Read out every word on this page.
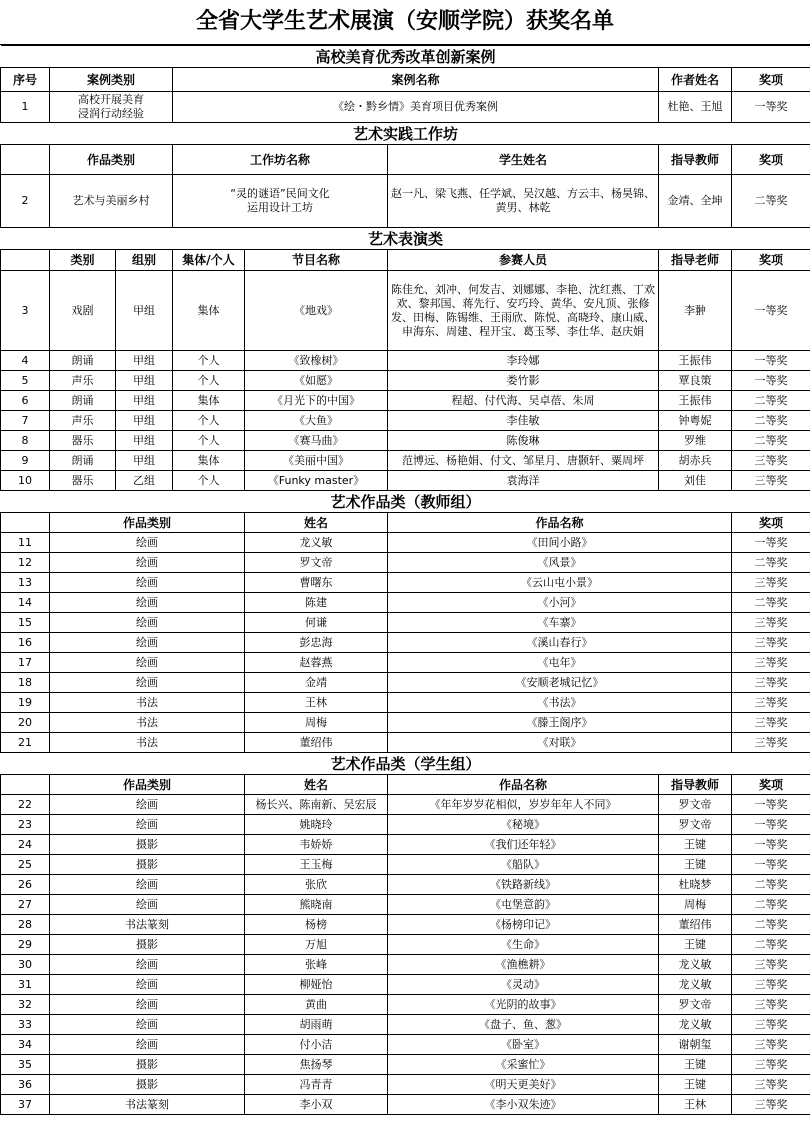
全省大学生艺术展演（安顺学院）获奖名单
高校美育优秀改革创新案例							
序号	案例类别		案例名称			作者姓名	奖项
1	高校开展美育
浸润行动经验		《绘・黔乡情》美育项目优秀案例			杜艳、王旭	一等奖
艺术实践工作坊							
	作品类别		工作坊名称		学生姓名	指导教师	奖项
2	艺术与美丽乡村		“灵的谜语”民间文化
运用设计工坊		赵一凡、梁飞燕、任学斌、吴汉越、方云丰、杨昊锦、黄男、林乾	金靖、全坤	二等奖
艺术表演类							
	类别	组别	集体/个人	节目名称	参赛人员	指导老师	奖项
3	戏剧	甲组	集体	《地戏》	陈佳允、刘冲、何发吉、刘娜娜、李艳、沈红燕、丁欢欢、黎邦国、蒋先行、安巧玲、黄华、安凡顶、张修发、田梅、陈锡维、王雨欣、陈悦、高晓玲、康山威、申海东、周建、程开宝、葛玉琴、李仕华、赵庆娟	李翀	一等奖
4	朗诵	甲组	个人	《致橡树》	李玲娜	王振伟	一等奖
5	声乐	甲组	个人	《如愿》	娄竹影	覃良策	一等奖
6	朗诵	甲组	集体	《月光下的中国》	程超、付代海、吴卓蓓、朱周	王振伟	二等奖
7	声乐	甲组	个人	《大鱼》	李佳敏	钟粤妮	二等奖
8	器乐	甲组	个人	《赛马曲》	陈俊琳	罗维	二等奖
9	朗诵	甲组	集体	《美丽中国》	范博远、杨艳娟、付文、邹星月、唐颢轩、粟周坪	胡赤兵	三等奖
10	器乐	乙组	个人	《Funky master》	袁海洋	刘佳	三等奖
艺术作品类（教师组）							
	作品类别			姓名	作品名称		奖项
11	绘画			龙义敏	《田间小路》		一等奖
12	绘画			罗文帝	《风景》		二等奖
13	绘画			曹曙东	《云山屯小景》		三等奖
14	绘画			陈建	《小河》		二等奖
15	绘画			何谦	《车寨》		三等奖
16	绘画			彭忠海	《溪山春行》		三等奖
17	绘画			赵蓉燕	《屯年》		三等奖
18	绘画			金靖	《安顺老城记忆》		三等奖
19	书法			王林	《书法》		三等奖
20	书法			周梅	《滕王阁序》		三等奖
21	书法			董绍伟	《对联》		三等奖
艺术作品类（学生组）							
	作品类别			姓名	作品名称	指导教师	奖项
22	绘画			杨长兴、陈南新、吴宏辰	《年年岁岁花相似，岁岁年年人不同》	罗文帝	一等奖
23	绘画			姚晓玲	《秘境》	罗文帝	一等奖
24	摄影			韦娇娇	《我们还年轻》	王键	一等奖
25	摄影			王玉梅	《船队》	王键	一等奖
26	绘画			张欣	《铁路新线》	杜晓梦	二等奖
27	绘画			熊晓南	《屯堡意韵》	周梅	二等奖
28	书法篆刻			杨榜	《杨榜印记》	董绍伟	二等奖
29	摄影			万旭	《生命》	王键	二等奖
30	绘画			张峰	《渔樵耕》	龙义敏	三等奖
31	绘画			柳娅怡	《灵动》	龙义敏	三等奖
32	绘画			黄曲	《光阴的故事》	罗文帝	三等奖
33	绘画			胡雨萌	《盘子、鱼、葱》	龙义敏	三等奖
34	绘画			付小洁	《卧室》	谢朝玺	三等奖
35	摄影			焦扬琴	《采蜜忙》	王键	三等奖
36	摄影			冯青青	《明天更美好》	王键	三等奖
37	书法篆刻			李小双	《李小双朱迹》	王林	三等奖
